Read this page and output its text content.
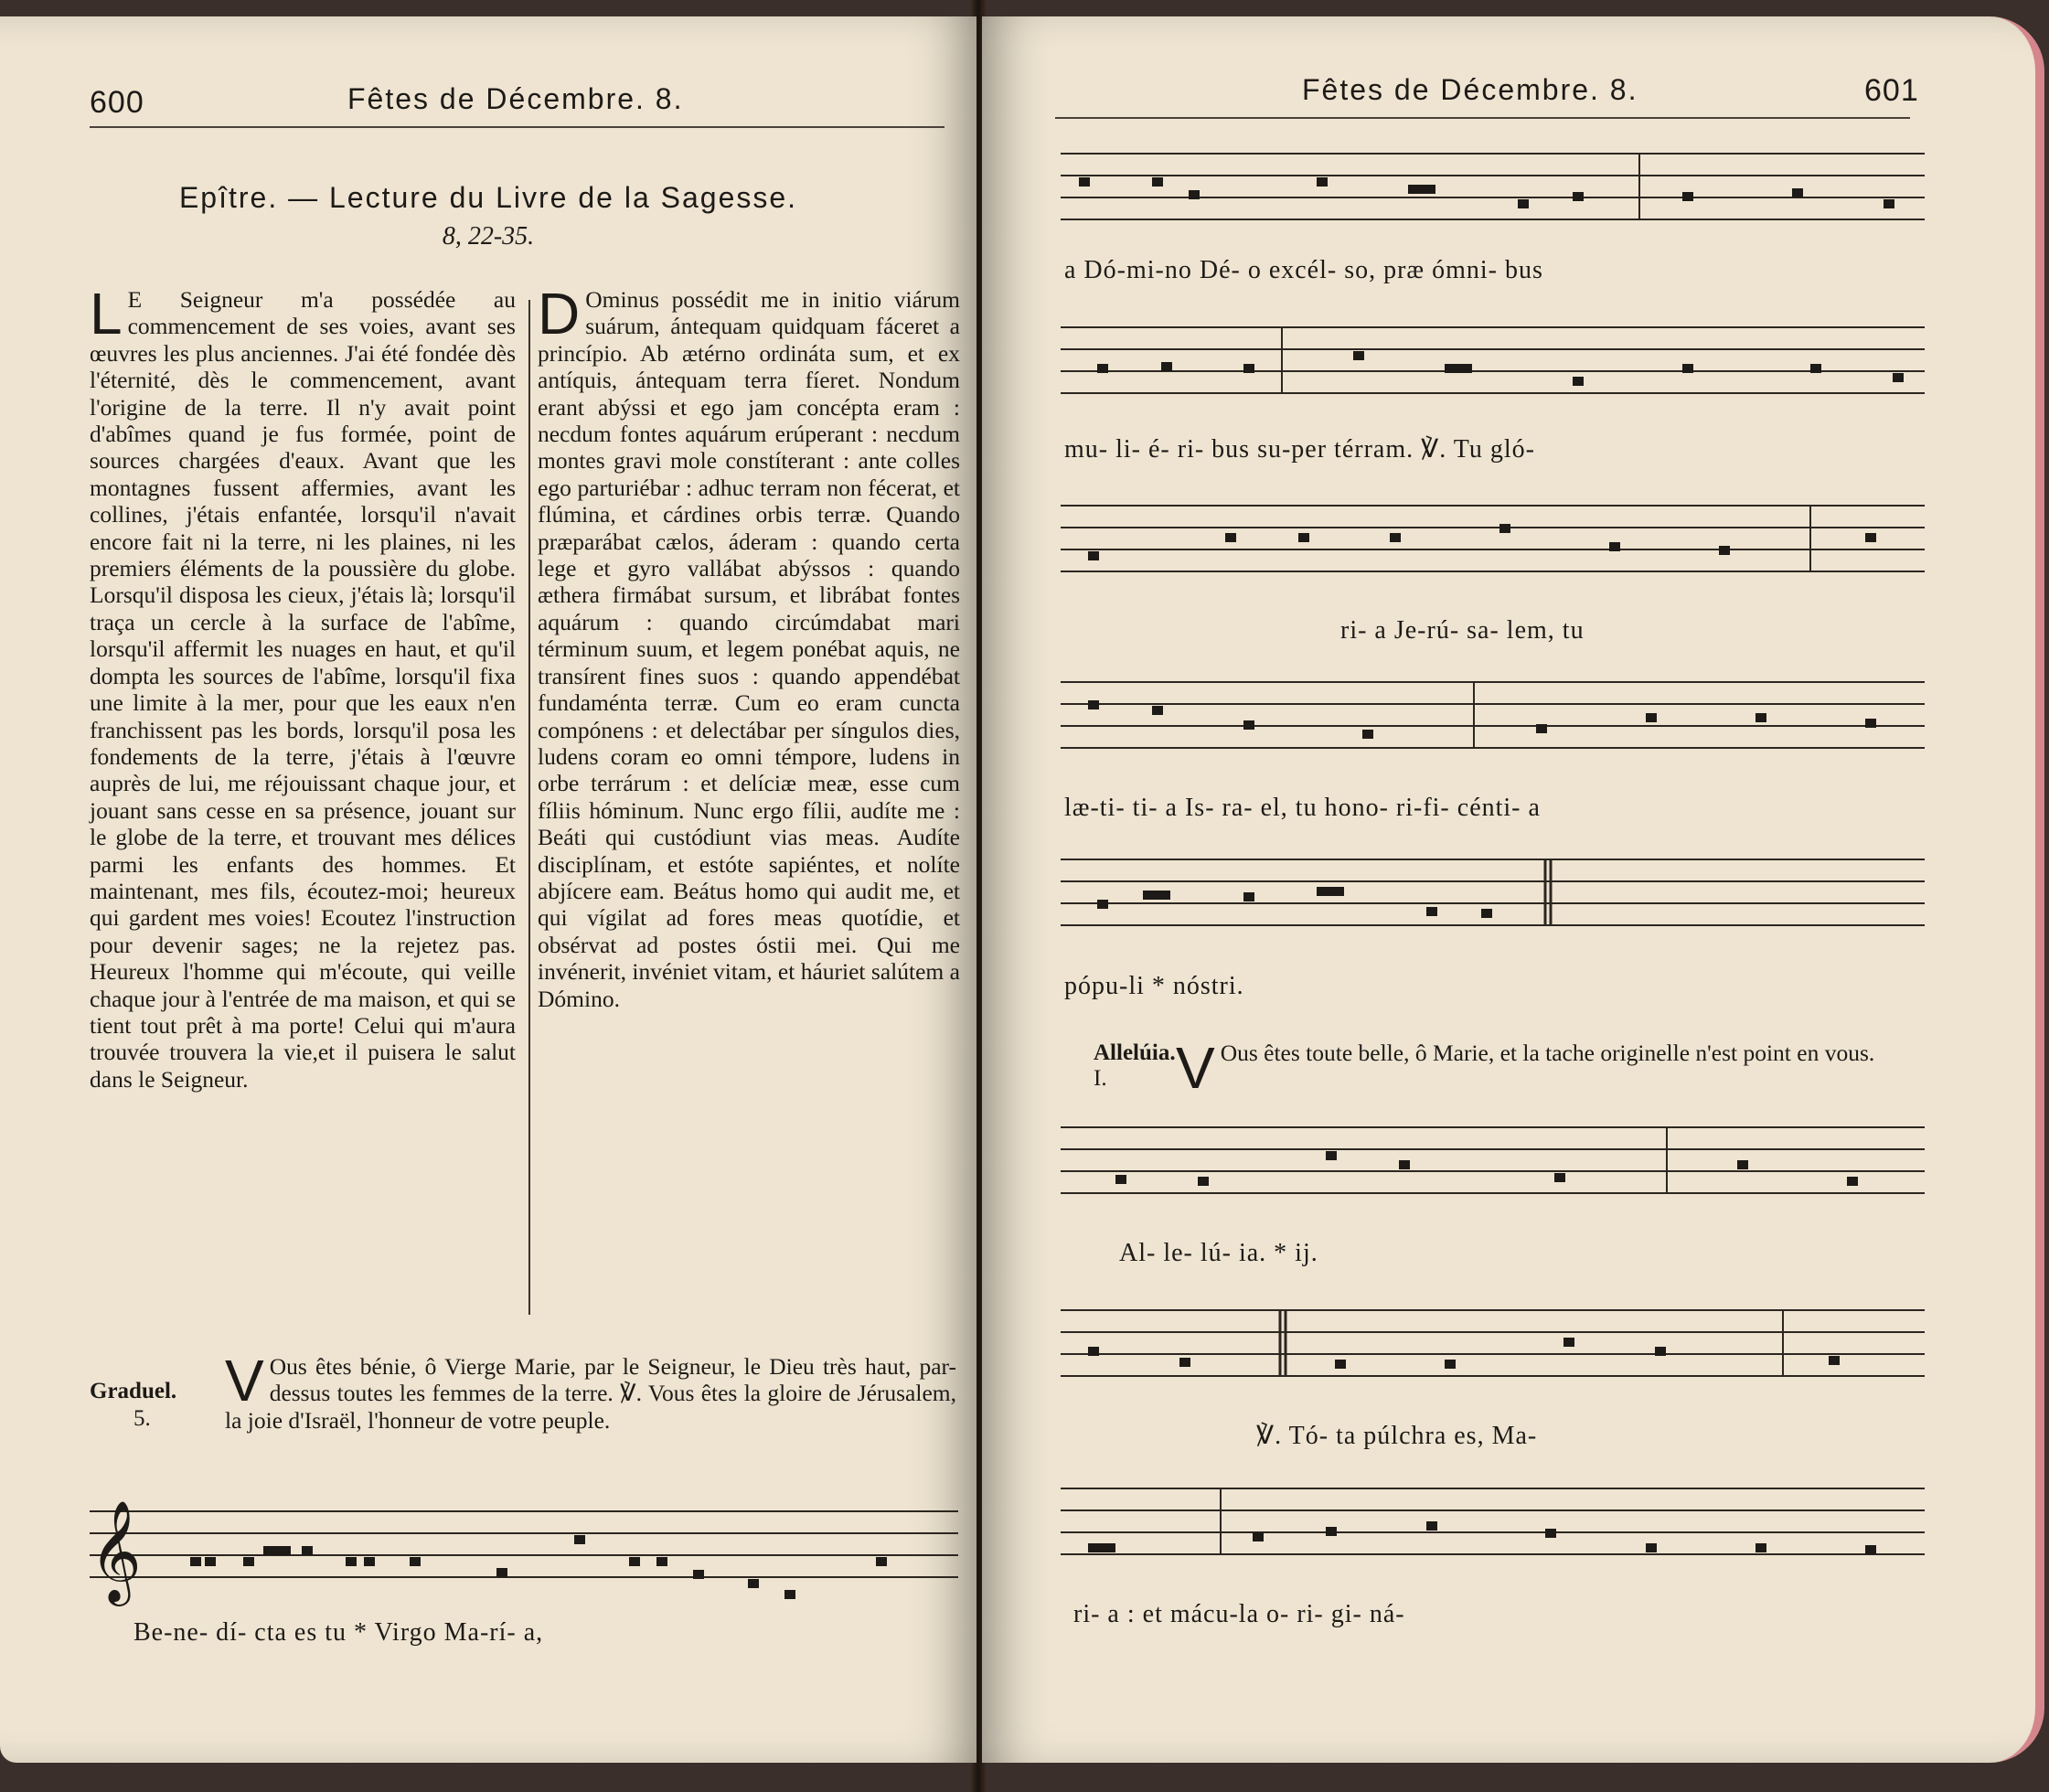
600	Fêtes de Décembre. 8.
Epître. — Lecture du Livre de la Sagesse.
8, 22-35.
L E Seigneur m'a possédée au commencement de ses voies, avant ses œuvres les plus anciennes. J'ai été fondée dès l'éternité, dès le commencement, avant l'origine de la terre. Il n'y avait point d'abîmes quand je fus formée, point de sources chargées d'eaux. Avant que les montagnes fussent affermies, avant les collines, j'étais enfantée, lorsqu'il n'avait encore fait ni la terre, ni les plaines, ni les premiers éléments de la poussière du globe. Lorsqu'il disposa les cieux, j'étais là; lorsqu'il traça un cercle à la surface de l'abîme, lorsqu'il affermit les nuages en haut, et qu'il dompta les sources de l'abîme, lorsqu'il fixa une limite à la mer, pour que les eaux n'en franchissent pas les bords, lorsqu'il posa les fondements de la terre, j'étais à l'œuvre auprès de lui, me réjouissant chaque jour, et jouant sans cesse en sa présence, jouant sur le globe de la terre, et trouvant mes délices parmi les enfants des hommes. Et maintenant, mes fils, écoutez-moi; heureux qui gardent mes voies! Ecoutez l'instruction pour devenir sages; ne la rejetez pas. Heureux l'homme qui m'écoute, qui veille chaque jour à l'entrée de ma maison, et qui se tient tout prêt à ma porte! Celui qui m'aura trouvée trouvera la vie,et il puisera le salut dans le Seigneur.
D Ominus possédit me in initio viárum suárum, ántequam quidquam fáceret a princípio. Ab ætérno ordináta sum, et ex antíquis, ántequam terra fíeret. Nondum erant abýssi et ego jam concépta eram : necdum fontes aquárum erúperant : necdum montes gravi mole constíterant : ante colles ego parturiébar : adhuc terram non fécerat, et flúmina, et cárdines orbis terræ. Quando præparábat cælos, áderam : quando certa lege et gyro vallábat abýssos : quando æthera firmábat sursum, et librábat fontes aquárum : quando circúmdabat mari términum suum, et legem ponébat aquis, ne transírent fines suos : quando appendébat fundaménta terræ. Cum eo eram cuncta compónens : et delectábar per síngulos dies, ludens coram eo omni témpore, ludens in orbe terrárum : et delíciæ meæ, esse cum fíliis hóminum. Nunc ergo fílii, audíte me : Beáti qui custódiunt vias meas. Audíte disciplínam, et estóte sapiéntes, et nolíte abjícere eam. Beátus homo qui audit me, et qui vígilat ad fores meas quotídie, et obsérvat ad postes óstii mei. Qui me invénerit, invéniet vitam, et háuriet salútem a Dómino.
Graduel.
5.
V Ous êtes bénie, ô Vierge Marie, par le Seigneur, le Dieu très haut, par-dessus toutes les femmes de la terre. ℣. Vous êtes la gloire de Jérusalem, la joie d'Israël, l'honneur de votre peuple.
𝄞
Be-ne- dí- cta es tu * Virgo Ma-rí- a,
Fêtes de Décembre. 8.	601
a Dó-mi-no Dé- o excél- so, præ ómni- bus
mu- li- é- ri- bus su-per térram. ℣. Tu gló-
ri- a Je-rú- sa- lem, tu
læ-ti- ti- a Is- ra- el, tu hono- ri-fi- cénti- a
pópu-li * nóstri.
Allelúia.
I. V Ous êtes toute belle, ô Marie, et la tache originelle n'est point en vous.
Al- le- lú- ia. * ij.
℣. Tó- ta púlchra es, Ma-
ri- a : et mácu-la o- ri- gi- ná-
